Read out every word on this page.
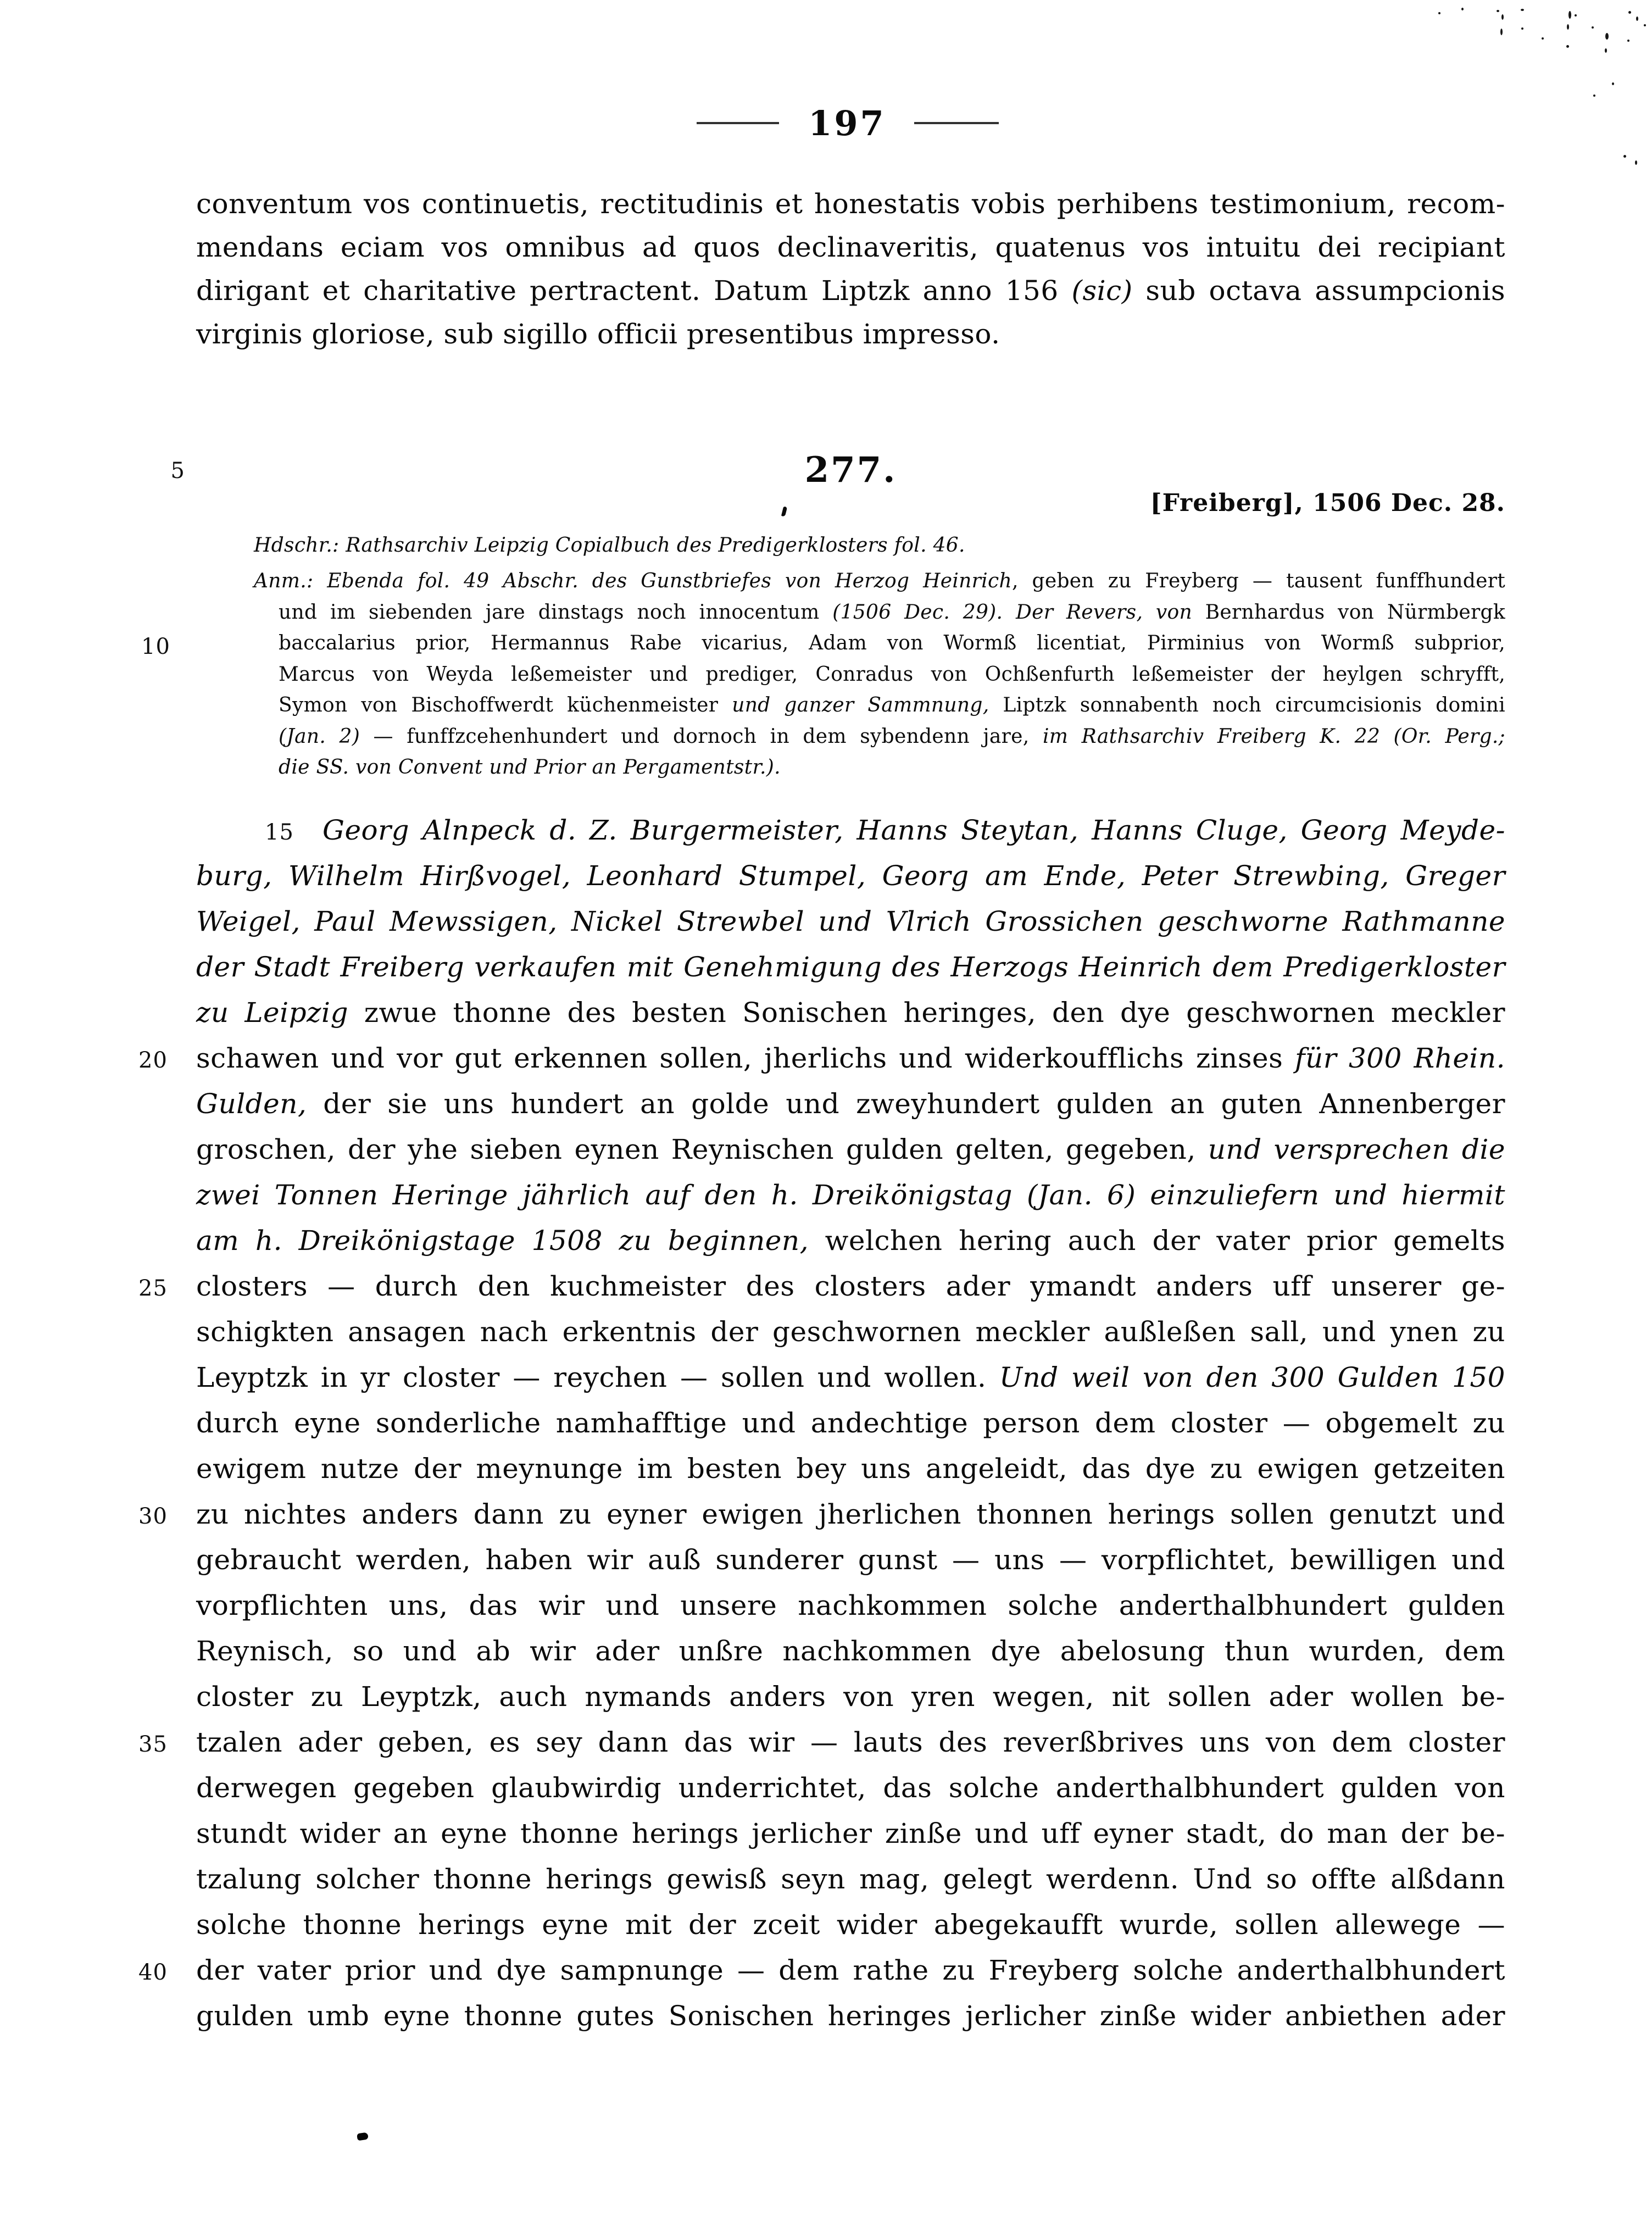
197
conventum vos continuetis, rectitudinis et honestatis vobis perhibens testimonium, recom-
mendans eciam vos omnibus ad quos declinaveritis, quatenus vos intuitu dei recipiant
dirigant et charitative pertractent. Datum Liptzk anno 156 (sic) sub octava assumpcionis
virginis gloriose, sub sigillo officii presentibus impresso.
5	277.
[Freiberg], 1506 Dec. 28.
Hdschr.: Rathsarchiv Leipzig Copialbuch des Predigerklosters fol. 46.
Anm.: Ebenda fol. 49 Abschr. des Gunstbriefes von Herzog Heinrich, geben zu Freyberg — tausent funffhundert
und im siebenden jare dinstags noch innocentum (1506 Dec. 29). Der Revers, von Bernhardus von Nürmbergk
10	baccalarius prior, Hermannus Rabe vicarius, Adam von Wormß licentiat, Pirminius von Wormß subprior,
Marcus von Weyda leßemeister und prediger, Conradus von Ochßenfurth leßemeister der heylgen schryfft,
Symon von Bischoffwerdt küchenmeister und ganzer Sammnung, Liptzk sonnabenth noch circumcisionis domini
(Jan. 2) — funffzcehenhundert und dornoch in dem sybendenn jare, im Rathsarchiv Freiberg K. 22 (Or. Perg.;
die SS. von Convent und Prior an Pergamentstr.).
15 Georg Alnpeck d. Z. Burgermeister, Hanns Steytan, Hanns Cluge, Georg Meyde-
burg, Wilhelm Hirßvogel, Leonhard Stumpel, Georg am Ende, Peter Strewbing, Greger
Weigel, Paul Mewssigen, Nickel Strewbel und Vlrich Grossichen geschworne Rathmanne
der Stadt Freiberg verkaufen mit Genehmigung des Herzogs Heinrich dem Predigerkloster
zu Leipzig zwue thonne des besten Sonischen heringes, den dye geschwornen meckler
20	schawen und vor gut erkennen sollen, jherlichs und widerkoufflichs zinses für 300 Rhein.
Gulden, der sie uns hundert an golde und zweyhundert gulden an guten Annenberger
groschen, der yhe sieben eynen Reynischen gulden gelten, gegeben, und versprechen die
zwei Tonnen Heringe jährlich auf den h. Dreikönigstag (Jan. 6) einzuliefern und hiermit
am h. Dreikönigstage 1508 zu beginnen, welchen hering auch der vater prior gemelts
25	closters — durch den kuchmeister des closters ader ymandt anders uff unserer ge-
schigkten ansagen nach erkentnis der geschwornen meckler außleßen sall, und ynen zu
Leyptzk in yr closter — reychen — sollen und wollen. Und weil von den 300 Gulden 150
durch eyne sonderliche namhafftige und andechtige person dem closter — obgemelt zu
ewigem nutze der meynunge im besten bey uns angeleidt, das dye zu ewigen getzeiten
30	zu nichtes anders dann zu eyner ewigen jherlichen thonnen herings sollen genutzt und
gebraucht werden, haben wir auß sunderer gunst — uns — vorpflichtet, bewilligen und
vorpflichten uns, das wir und unsere nachkommen solche anderthalbhundert gulden
Reynisch, so und ab wir ader unßre nachkommen dye abelosung thun wurden, dem
closter zu Leyptzk, auch nymands anders von yren wegen, nit sollen ader wollen be-
35	tzalen ader geben, es sey dann das wir — lauts des reverßbrives uns von dem closter
derwegen gegeben glaubwirdig underrichtet, das solche anderthalbhundert gulden von
stundt wider an eyne thonne herings jerlicher zinße und uff eyner stadt, do man der be-
tzalung solcher thonne herings gewisß seyn mag, gelegt werdenn. Und so offte alßdann
solche thonne herings eyne mit der zceit wider abegekaufft wurde, sollen allewege —
40	der vater prior und dye sampnunge — dem rathe zu Freyberg solche anderthalbhundert
gulden umb eyne thonne gutes Sonischen heringes jerlicher zinße wider anbiethen ader
